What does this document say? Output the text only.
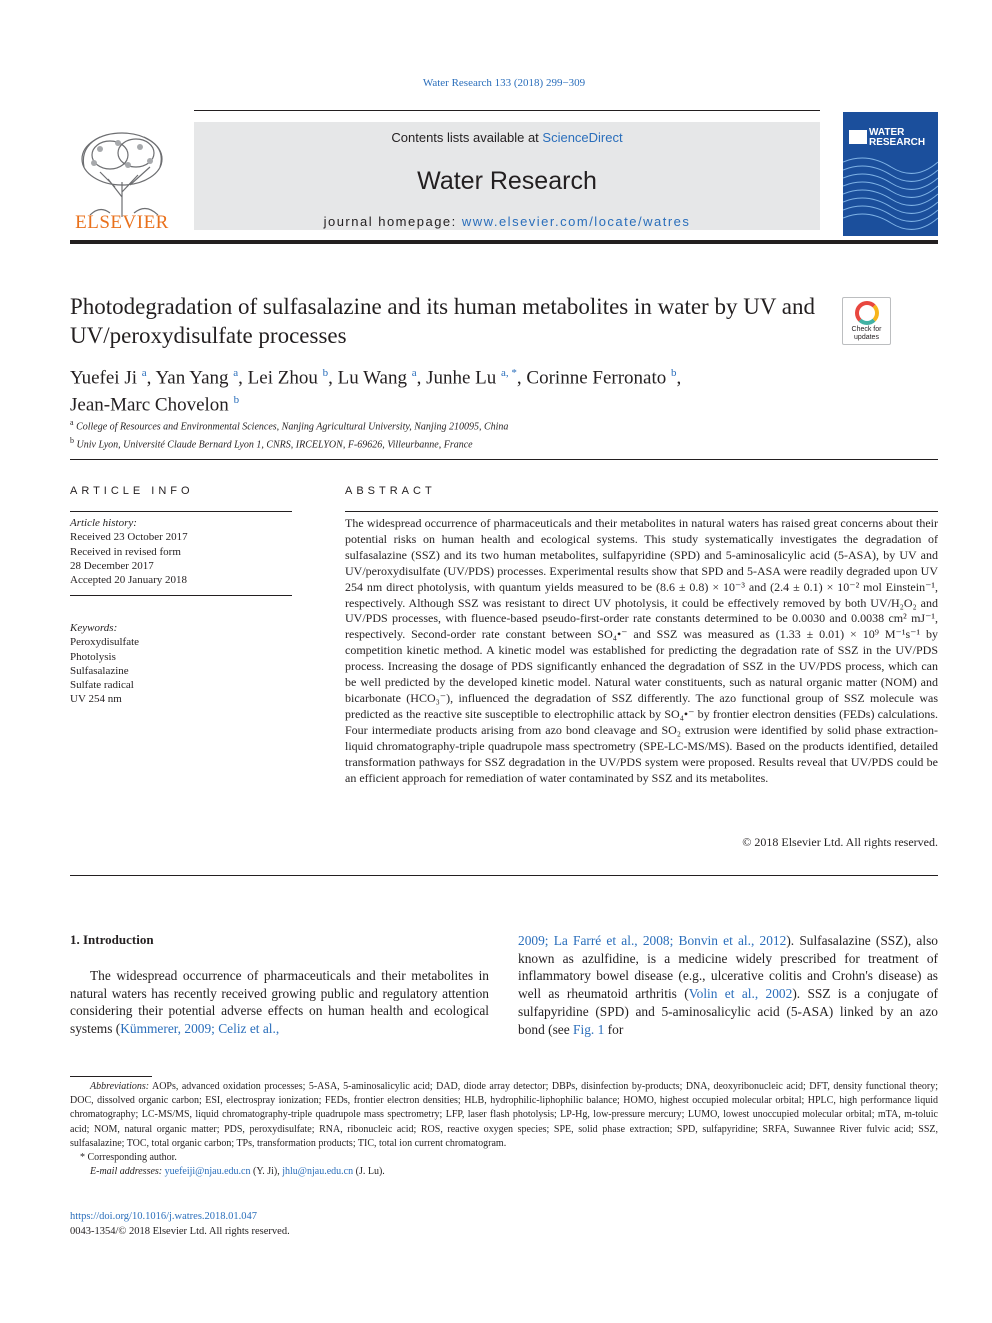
Water Research 133 (2018) 299−309
ELSEVIER
Contents lists available at ScienceDirect
Water Research
journal homepage: www.elsevier.com/locate/watres
WATER
RESEARCH
Photodegradation of sulfasalazine and its human metabolites in water by UV and UV/peroxydisulfate processes	Check for
updates
Yuefei Ji $^a$, Yan Yang $^a$, Lei Zhou $^b$, Lu Wang $^a$, Junhe Lu $^{a, *}$, Corinne Ferronato $^b$,
Jean-Marc Chovelon $^b$
$^a$ College of Resources and Environmental Sciences, Nanjing Agricultural University, Nanjing 210095, China
$^b$ Univ Lyon, Université Claude Bernard Lyon 1, CNRS, IRCELYON, F-69626, Villeurbanne, France
ARTICLE INFO	ABSTRACT
Article history:
Received 23 October 2017
Received in revised form
28 December 2017
Accepted 20 January 2018
Keywords:
Peroxydisulfate
Photolysis
Sulfasalazine
Sulfate radical
UV 254 nm

The widespread occurrence of pharmaceuticals and their metabolites in natural waters has raised great concerns about their potential risks on human health and ecological systems. This study systematically investigates the degradation of sulfasalazine (SSZ) and its two human metabolites, sulfapyridine (SPD) and 5-aminosalicylic acid (5-ASA), by UV and UV/peroxydisulfate (UV/PDS) processes. Experimental results show that SPD and 5-ASA were readily degraded upon UV 254 nm direct photolysis, with quantum yields measured to be (8.6 ± 0.8) × 10⁻³ and (2.4 ± 0.1) × 10⁻² mol Einstein⁻¹, respectively. Although SSZ was resistant to direct UV photolysis, it could be effectively removed by both UV/H₂O₂ and UV/PDS processes, with fluence-based pseudo-first-order rate constants determined to be 0.0030 and 0.0038 cm² mJ⁻¹, respectively. Second-order rate constant between SO₄•⁻ and SSZ was measured as (1.33 ± 0.01) × 10⁹ M⁻¹s⁻¹ by competition kinetic method. A kinetic model was established for predicting the degradation rate of SSZ in the UV/PDS process. Increasing the dosage of PDS significantly enhanced the degradation of SSZ in the UV/PDS process, which can be well predicted by the developed kinetic model. Natural water constituents, such as natural organic matter (NOM) and bicarbonate (HCO₃⁻), influenced the degradation of SSZ differently. The azo functional group of SSZ molecule was predicted as the reactive site susceptible to electrophilic attack by SO₄•⁻ by frontier electron densities (FEDs) calculations. Four intermediate products arising from azo bond cleavage and SO₂ extrusion were identified by solid phase extraction-liquid chromatography-triple quadrupole mass spectrometry (SPE-LC-MS/MS). Based on the products identified, detailed transformation pathways for SSZ degradation in the UV/PDS system were proposed. Results reveal that UV/PDS could be an efficient approach for remediation of water contaminated by SSZ and its metabolites.

© 2018 Elsevier Ltd. All rights reserved.
1. Introduction
The widespread occurrence of pharmaceuticals and their metabolites in natural waters has recently received growing public and regulatory attention considering their potential adverse effects on human health and ecological systems (Kümmerer, 2009; Celiz et al.,
2009; La Farré et al., 2008; Bonvin et al., 2012). Sulfasalazine (SSZ), also known as azulfidine, is a medicine widely prescribed for treatment of inflammatory bowel disease (e.g., ulcerative colitis and Crohn's disease) as well as rheumatoid arthritis (Volin et al., 2002). SSZ is a conjugate of sulfapyridine (SPD) and 5-aminosalicylic acid (5-ASA) linked by an azo bond (see Fig. 1 for
Abbreviations: AOPs, advanced oxidation processes; 5-ASA, 5-aminosalicylic acid; DAD, diode array detector; DBPs, disinfection by-products; DNA, deoxyribonucleic acid; DFT, density functional theory; DOC, dissolved organic carbon; ESI, electrospray ionization; FEDs, frontier electron densities; HLB, hydrophilic-liphophilic balance; HOMO, highest occupied molecular orbital; HPLC, high performance liquid chromatography; LC-MS/MS, liquid chromatography-triple quadrupole mass spectrometry; LFP, laser flash photolysis; LP-Hg, low-pressure mercury; LUMO, lowest unoccupied molecular orbital; mTA, m-toluic acid; NOM, natural organic matter; PDS, peroxydisulfate; RNA, ribonucleic acid; ROS, reactive oxygen species; SPE, solid phase extraction; SPD, sulfapyridine; SRFA, Suwannee River fulvic acid; SSZ, sulfasalazine; TOC, total organic carbon; TPs, transformation products; TIC, total ion current chromatogram.
* Corresponding author.
E-mail addresses: yuefeiji@njau.edu.cn (Y. Ji), jhlu@njau.edu.cn (J. Lu).
https://doi.org/10.1016/j.watres.2018.01.047
0043-1354/© 2018 Elsevier Ltd. All rights reserved.
